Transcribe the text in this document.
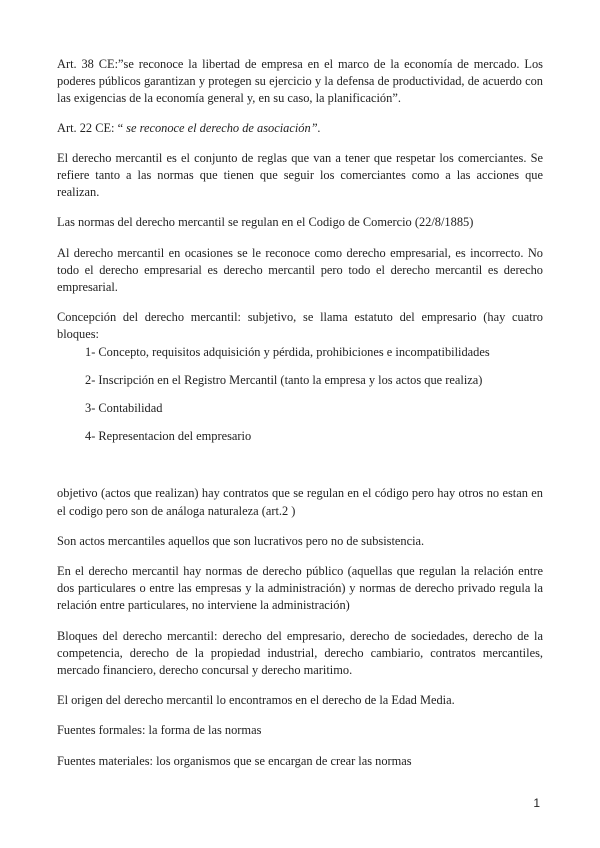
Art. 38 CE:”se reconoce la libertad de empresa en el marco de la economía de mercado. Los poderes públicos garantizan y protegen su ejercicio y la defensa de productividad, de acuerdo con las exigencias de la economía general y, en su caso, la planificación”.

Art. 22 CE: “ se reconoce el derecho de asociación”.

El derecho mercantil es el conjunto de reglas que van a tener que respetar los comerciantes. Se refiere tanto a las normas que tienen que seguir los comerciantes como a las acciones que realizan.

Las normas del derecho mercantil se regulan en el Codigo de Comercio (22/8/1885)

Al derecho mercantil en ocasiones se le reconoce como derecho empresarial, es incorrecto. No todo el derecho empresarial es derecho mercantil pero todo el derecho mercantil es derecho empresarial.

Concepción del derecho mercantil: subjetivo, se llama estatuto del empresario (hay cuatro bloques:

1- Concepto, requisitos adquisición y pérdida, prohibiciones e incompatibilidades
2- Inscripción en el Registro Mercantil (tanto la empresa y los actos que realiza)
3- Contabilidad
4- Representacion del empresario

objetivo (actos que realizan) hay contratos que se regulan en el código pero hay otros no estan en el codigo pero son de análoga naturaleza (art.2 )

Son actos mercantiles aquellos que son lucrativos pero no de subsistencia.

En el derecho mercantil hay normas de derecho público (aquellas que regulan la relación entre dos particulares o entre las empresas y la administración) y normas de derecho privado regula la relación entre particulares, no interviene la administración)

Bloques del derecho mercantil: derecho del empresario, derecho de sociedades, derecho de la competencia, derecho de la propiedad industrial, derecho cambiario, contratos mercantiles, mercado financiero, derecho concursal y derecho maritimo.

El origen del derecho mercantil lo encontramos en el derecho de la Edad Media.

Fuentes formales: la forma de las normas

Fuentes materiales: los organismos que se encargan de crear las normas

1
